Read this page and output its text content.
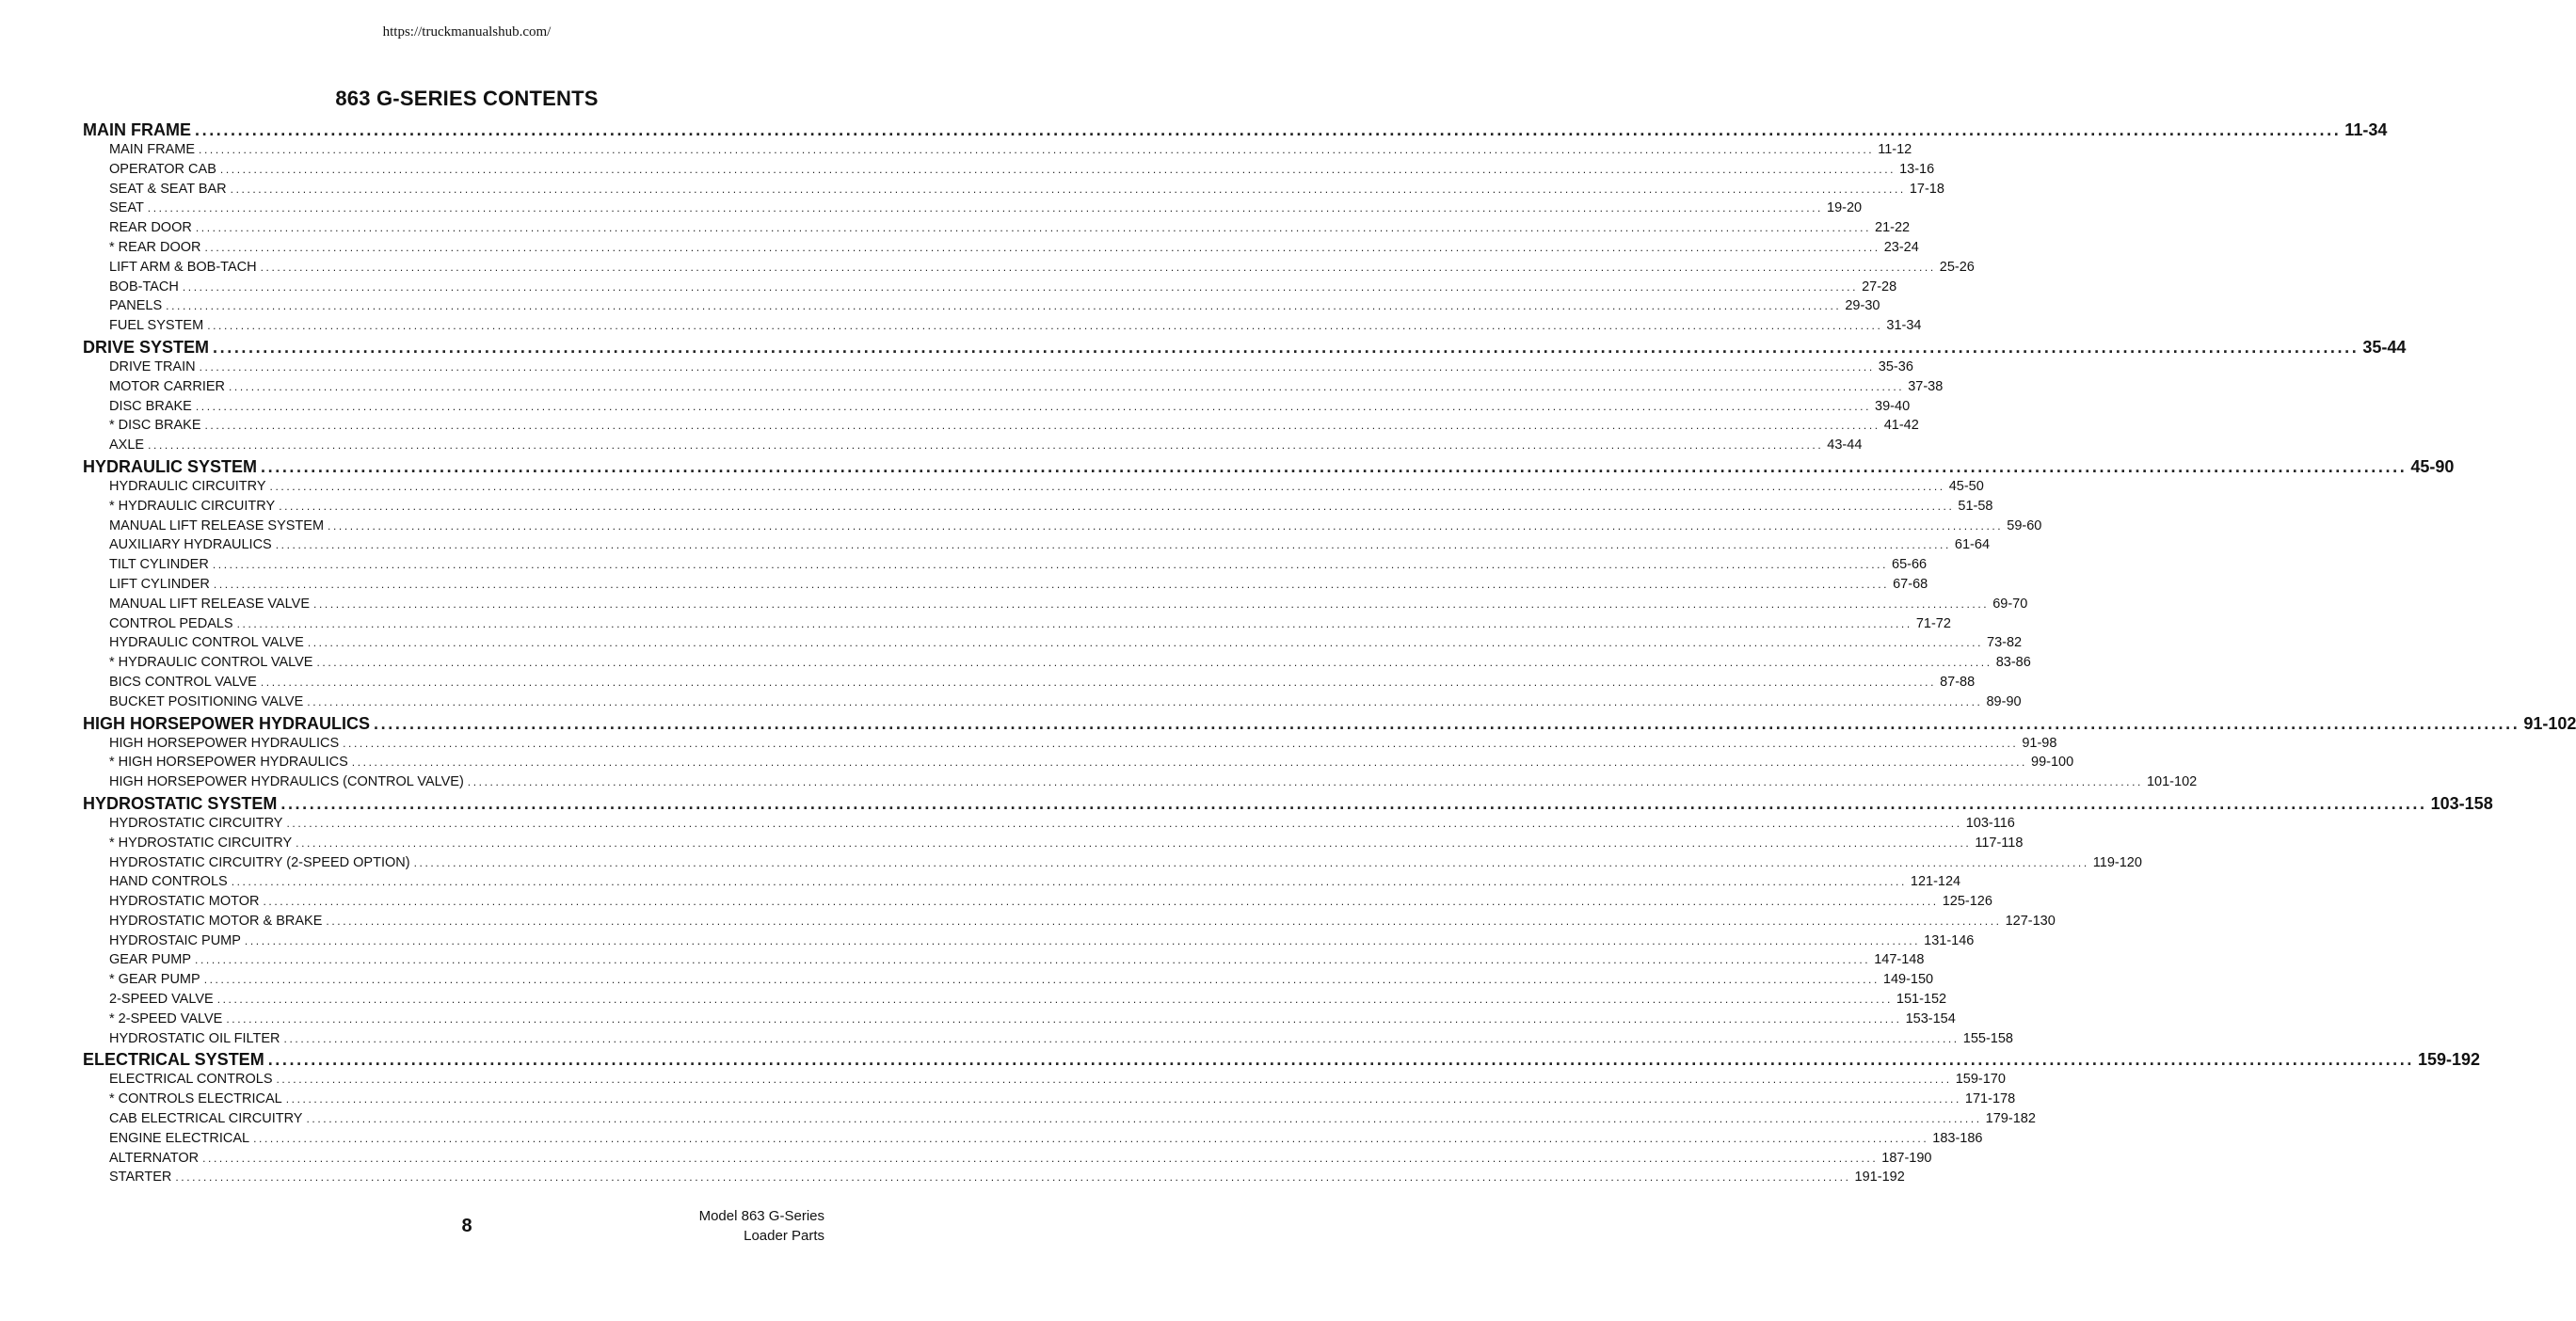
https://truckmanualshub.com/
863 G-SERIES CONTENTS
MAIN FRAME ............................................................................................................................................................................................................................................................................................................ 11-34
MAIN FRAME ............................................................................................................................................................................................................................................................................................................ 11-12
OPERATOR CAB ............................................................................................................................................................................................................................................................................................................ 13-16
SEAT & SEAT BAR ............................................................................................................................................................................................................................................................................................................ 17-18
SEAT ............................................................................................................................................................................................................................................................................................................ 19-20
REAR DOOR ............................................................................................................................................................................................................................................................................................................ 21-22
* REAR DOOR ............................................................................................................................................................................................................................................................................................................ 23-24
LIFT ARM & BOB-TACH ............................................................................................................................................................................................................................................................................................................ 25-26
BOB-TACH ............................................................................................................................................................................................................................................................................................................ 27-28
PANELS ............................................................................................................................................................................................................................................................................................................ 29-30
FUEL SYSTEM ............................................................................................................................................................................................................................................................................................................ 31-34
DRIVE SYSTEM ............................................................................................................................................................................................................................................................................................................ 35-44
DRIVE TRAIN ............................................................................................................................................................................................................................................................................................................ 35-36
MOTOR CARRIER ............................................................................................................................................................................................................................................................................................................ 37-38
DISC BRAKE ............................................................................................................................................................................................................................................................................................................ 39-40
* DISC BRAKE ............................................................................................................................................................................................................................................................................................................ 41-42
AXLE ............................................................................................................................................................................................................................................................................................................ 43-44
HYDRAULIC SYSTEM ............................................................................................................................................................................................................................................................................................................ 45-90
HYDRAULIC CIRCUITRY ............................................................................................................................................................................................................................................................................................................ 45-50
* HYDRAULIC CIRCUITRY ............................................................................................................................................................................................................................................................................................................ 51-58
MANUAL LIFT RELEASE SYSTEM ............................................................................................................................................................................................................................................................................................................ 59-60
AUXILIARY HYDRAULICS ............................................................................................................................................................................................................................................................................................................ 61-64
TILT CYLINDER ............................................................................................................................................................................................................................................................................................................ 65-66
LIFT CYLINDER ............................................................................................................................................................................................................................................................................................................ 67-68
MANUAL LIFT RELEASE VALVE ............................................................................................................................................................................................................................................................................................................ 69-70
CONTROL PEDALS ............................................................................................................................................................................................................................................................................................................ 71-72
HYDRAULIC CONTROL VALVE ............................................................................................................................................................................................................................................................................................................ 73-82
* HYDRAULIC CONTROL VALVE ............................................................................................................................................................................................................................................................................................................ 83-86
BICS CONTROL VALVE ............................................................................................................................................................................................................................................................................................................ 87-88
BUCKET POSITIONING VALVE ............................................................................................................................................................................................................................................................................................................ 89-90
HIGH HORSEPOWER HYDRAULICS ............................................................................................................................................................................................................................................................................................................ 91-102
HIGH HORSEPOWER HYDRAULICS ............................................................................................................................................................................................................................................................................................................ 91-98
* HIGH HORSEPOWER HYDRAULICS ............................................................................................................................................................................................................................................................................................................ 99-100
HIGH HORSEPOWER HYDRAULICS (CONTROL VALVE) ............................................................................................................................................................................................................................................................................................................ 101-102
HYDROSTATIC SYSTEM ............................................................................................................................................................................................................................................................................................................ 103-158
HYDROSTATIC CIRCUITRY ............................................................................................................................................................................................................................................................................................................ 103-116
* HYDROSTATIC CIRCUITRY ............................................................................................................................................................................................................................................................................................................ 117-118
HYDROSTATIC CIRCUITRY (2-SPEED OPTION) ............................................................................................................................................................................................................................................................................................................ 119-120
HAND CONTROLS ............................................................................................................................................................................................................................................................................................................ 121-124
HYDROSTATIC MOTOR ............................................................................................................................................................................................................................................................................................................ 125-126
HYDROSTATIC MOTOR & BRAKE ............................................................................................................................................................................................................................................................................................................ 127-130
HYDROSTAIC PUMP ............................................................................................................................................................................................................................................................................................................ 131-146
GEAR PUMP ............................................................................................................................................................................................................................................................................................................ 147-148
* GEAR PUMP ............................................................................................................................................................................................................................................................................................................ 149-150
2-SPEED VALVE ............................................................................................................................................................................................................................................................................................................ 151-152
* 2-SPEED VALVE ............................................................................................................................................................................................................................................................................................................ 153-154
HYDROSTATIC OIL FILTER ............................................................................................................................................................................................................................................................................................................ 155-158
ELECTRICAL SYSTEM ............................................................................................................................................................................................................................................................................................................ 159-192
ELECTRICAL CONTROLS ............................................................................................................................................................................................................................................................................................................ 159-170
* CONTROLS ELECTRICAL ............................................................................................................................................................................................................................................................................................................ 171-178
CAB ELECTRICAL CIRCUITRY ............................................................................................................................................................................................................................................................................................................ 179-182
ENGINE ELECTRICAL ............................................................................................................................................................................................................................................................................................................ 183-186
ALTERNATOR ............................................................................................................................................................................................................................................................................................................ 187-190
STARTER ............................................................................................................................................................................................................................................................................................................ 191-192
8	Model 863 G-Series
Loader Parts
